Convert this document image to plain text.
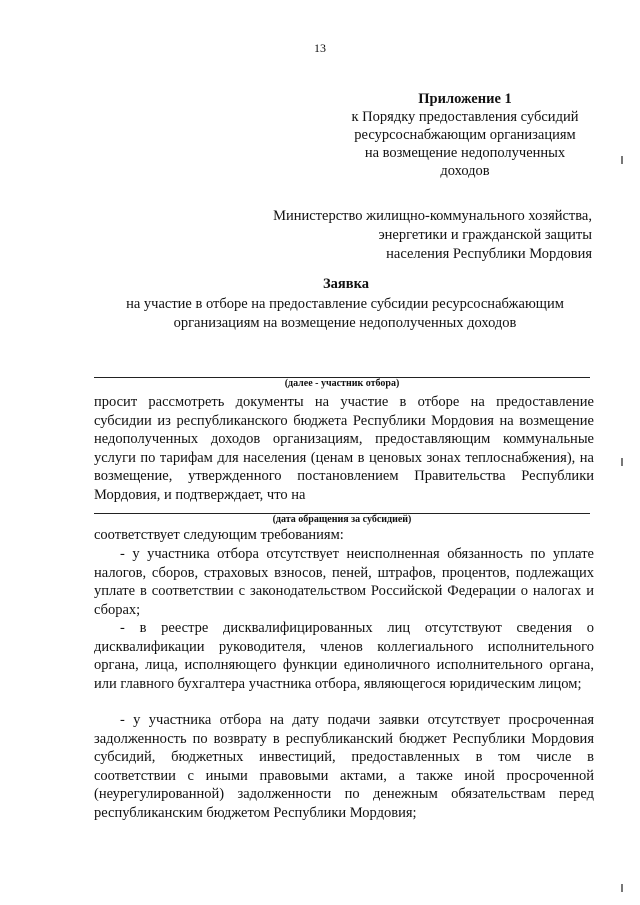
13
Приложение 1
к Порядку предоставления субсидий
ресурсоснабжающим организациям
на возмещение недополученных
доходов
Министерство жилищно-коммунального хозяйства,
энергетики и гражданской защиты
населения Республики Мордовия
Заявка
на участие в отборе на предоставление субсидии ресурсоснабжающим
организациям на возмещение недополученных доходов
(далее - участник отбора)
просит рассмотреть документы на участие в отборе на предоставление субсидии из республиканского бюджета Республики Мордовия на возмещение недополученных доходов организациям, предоставляющим коммунальные услуги по тарифам для населения (ценам в ценовых зонах теплоснабжения), на возмещение, утвержденного постановлением Правительства Республики Мордовия, и подтверждает, что на
(дата обращения за субсидией)
соответствует следующим требованиям:
- у участника отбора отсутствует неисполненная обязанность по уплате налогов, сборов, страховых взносов, пеней, штрафов, процентов, подлежащих уплате в соответствии с законодательством Российской Федерации о налогах и сборах;
- в реестре дисквалифицированных лиц отсутствуют сведения о дисквалификации руководителя, членов коллегиального исполнительного органа, лица, исполняющего функции единоличного исполнительного органа, или главного бухгалтера участника отбора, являющегося юридическим лицом;
- у участника отбора на дату подачи заявки отсутствует просроченная задолженность по возврату в республиканский бюджет Республики Мордовия субсидий, бюджетных инвестиций, предоставленных в том числе в соответствии с иными правовыми актами, а также иной просроченной (неурегулированной) задолженности по денежным обязательствам перед республиканским бюджетом Республики Мордовия;
